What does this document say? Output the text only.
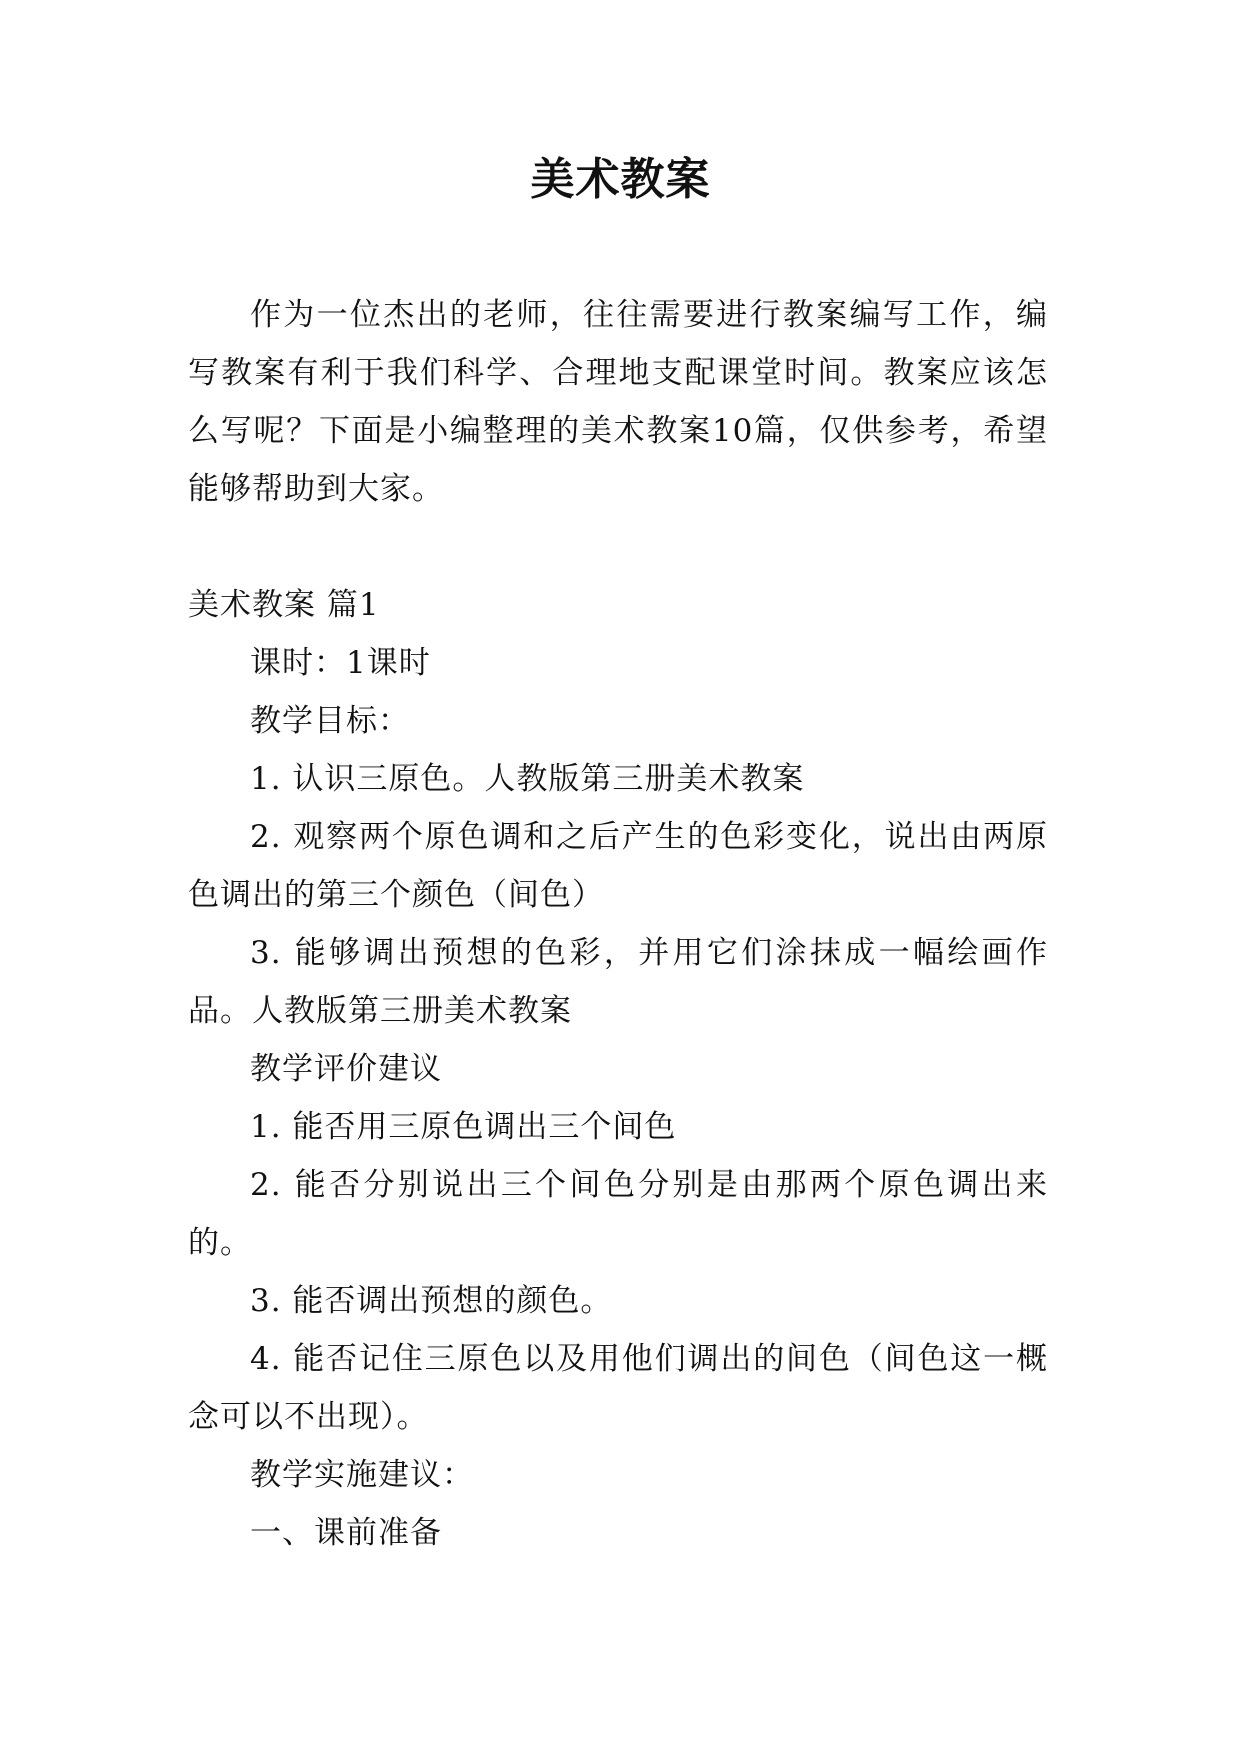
美术教案

作为一位杰出的老师，往往需要进行教案编写工作，编写教案有利于我们科学、合理地支配课堂时间。教案应该怎么写呢？下面是小编整理的美术教案10篇，仅供参考，希望能够帮助到大家。

美术教案 篇1

课时：1课时

教学目标：

1. 认识三原色。人教版第三册美术教案

2. 观察两个原色调和之后产生的色彩变化，说出由两原色调出的第三个颜色（间色）

3. 能够调出预想的色彩，并用它们涂抹成一幅绘画作品。人教版第三册美术教案

教学评价建议

1. 能否用三原色调出三个间色

2. 能否分别说出三个间色分别是由那两个原色调出来的。

3. 能否调出预想的颜色。

4. 能否记住三原色以及用他们调出的间色（间色这一概念可以不出现）。

教学实施建议：

一、课前准备
